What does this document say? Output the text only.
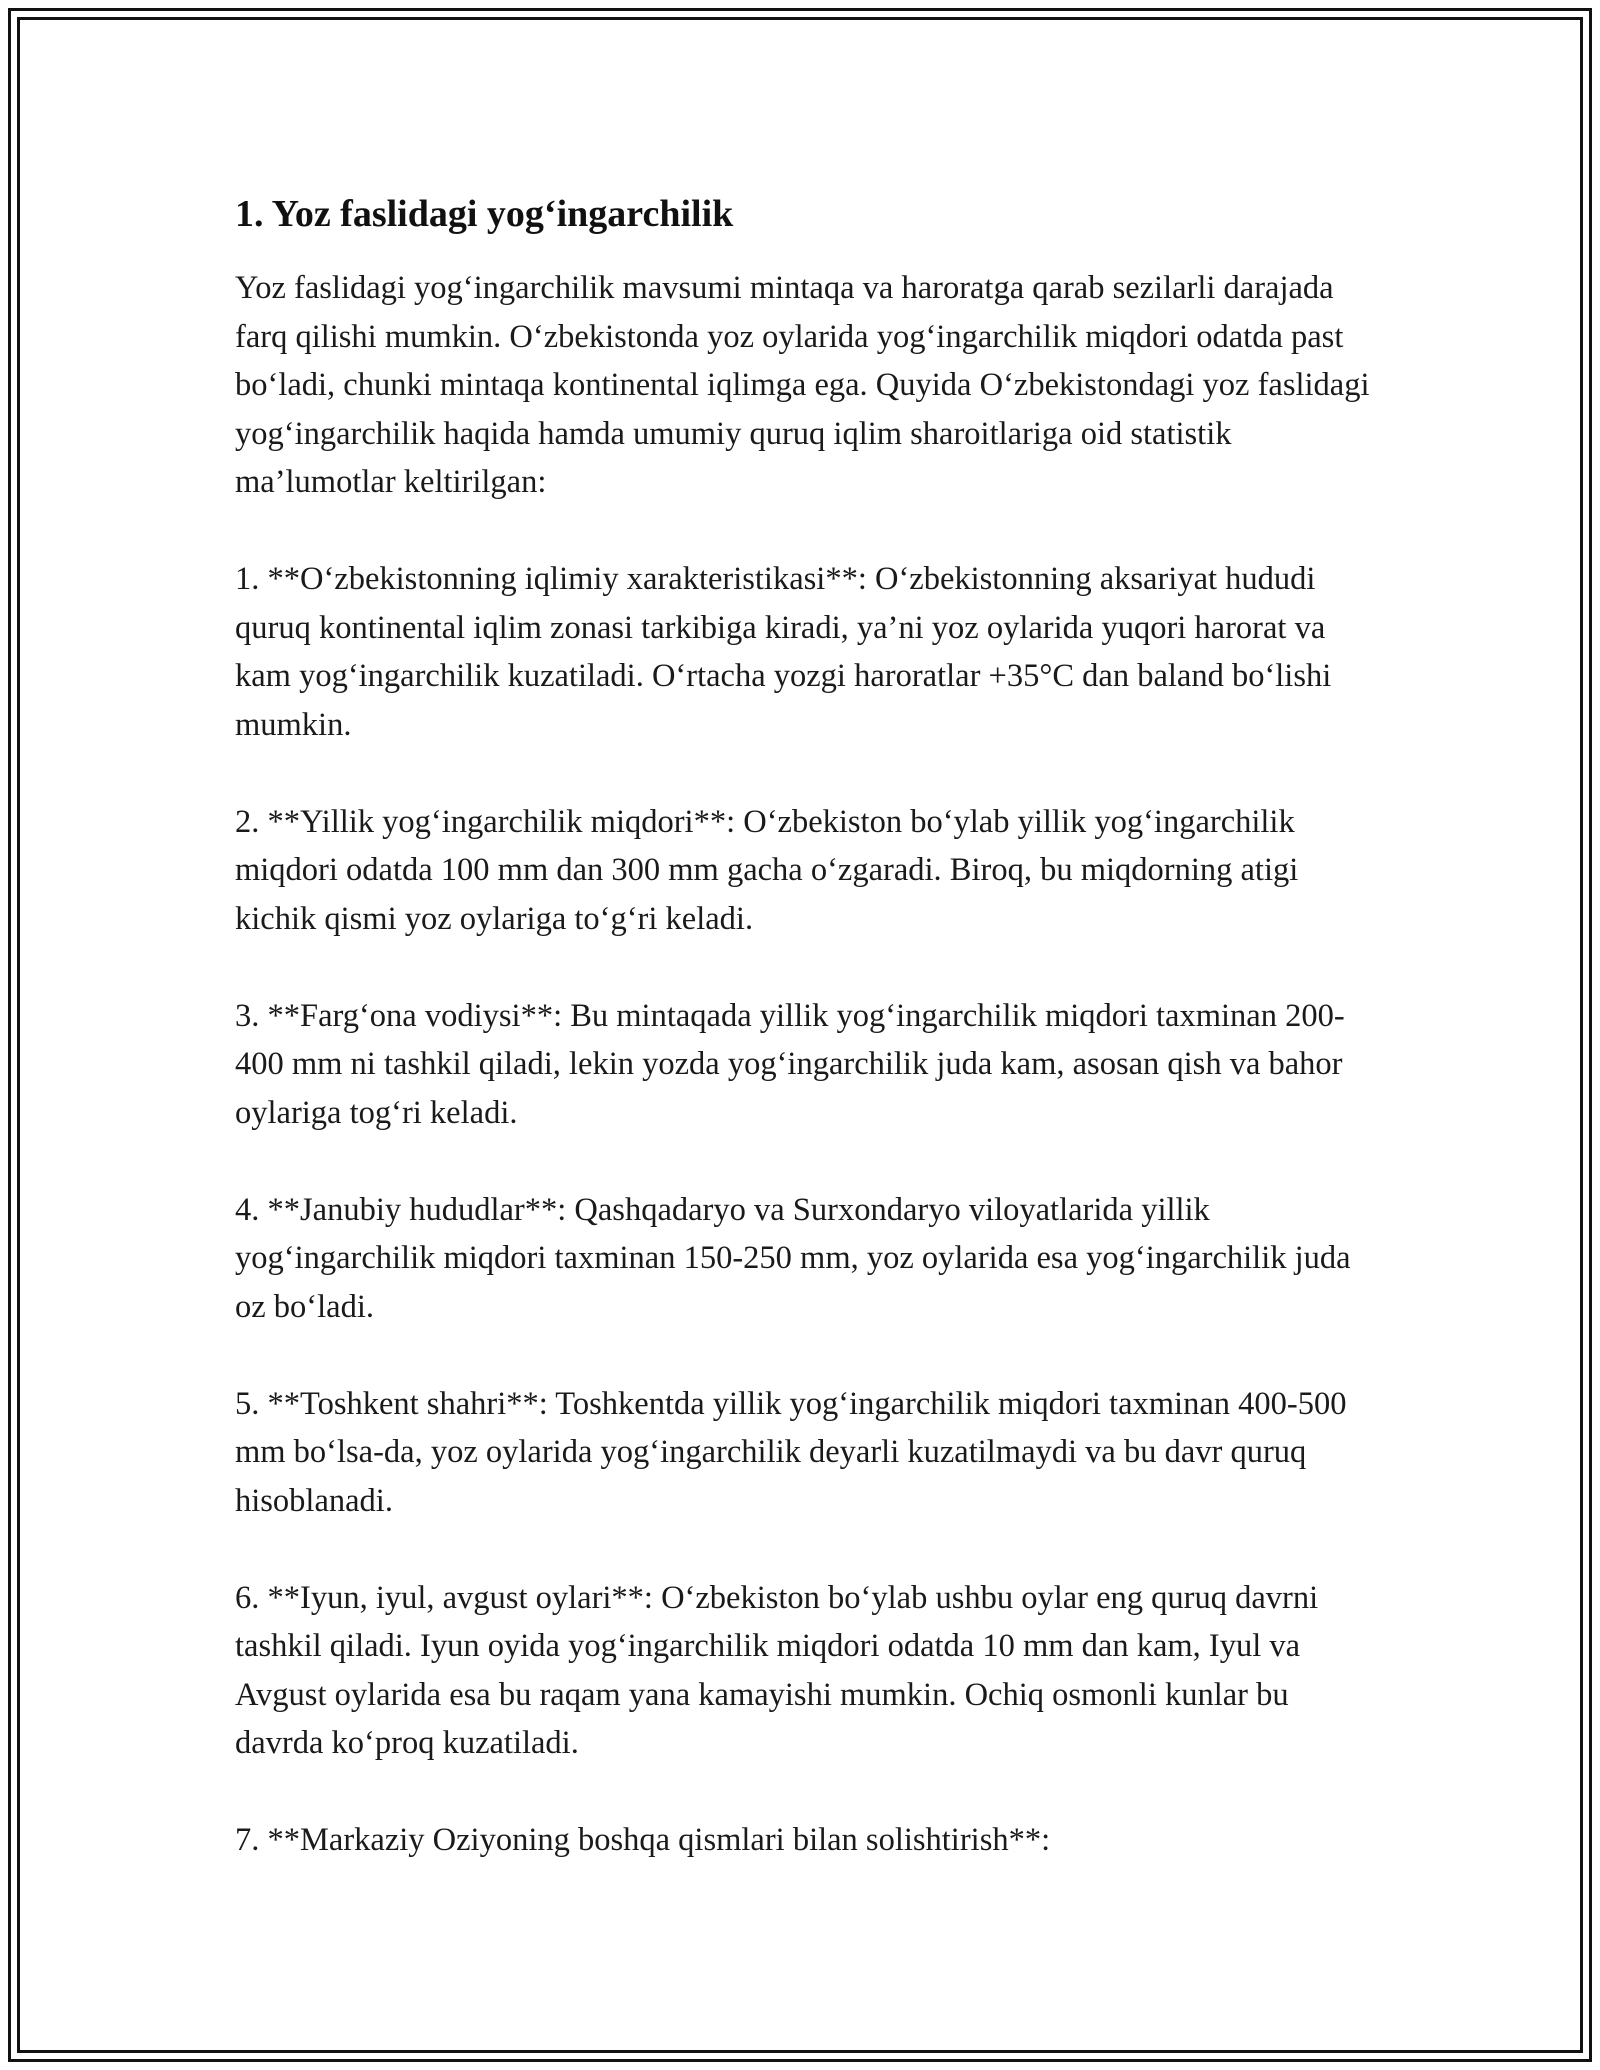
1. Yoz faslidagi yog‘ingarchilik

Yoz faslidagi yog‘ingarchilik mavsumi mintaqa va haroratga qarab sezilarli darajada farq qilishi mumkin. O‘zbekistonda yoz oylarida yog‘ingarchilik miqdori odatda past bo‘ladi, chunki mintaqa kontinental iqlimga ega. Quyida O‘zbekistondagi yoz faslidagi yog‘ingarchilik haqida hamda umumiy quruq iqlim sharoitlariga oid statistik ma’lumotlar keltirilgan:

1. **O‘zbekistonning iqlimiy xarakteristikasi**: O‘zbekistonning aksariyat hududi quruq kontinental iqlim zonasi tarkibiga kiradi, ya’ni yoz oylarida yuqori harorat va kam yog‘ingarchilik kuzatiladi. O‘rtacha yozgi haroratlar +35°C dan baland bo‘lishi mumkin.

2. **Yillik yog‘ingarchilik miqdori**: O‘zbekiston bo‘ylab yillik yog‘ingarchilik miqdori odatda 100 mm dan 300 mm gacha o‘zgaradi. Biroq, bu miqdorning atigi kichik qismi yoz oylariga to‘g‘ri keladi.

3. **Farg‘ona vodiysi**: Bu mintaqada yillik yog‘ingarchilik miqdori taxminan 200-400 mm ni tashkil qiladi, lekin yozda yog‘ingarchilik juda kam, asosan qish va bahor oylariga tog‘ri keladi.

4. **Janubiy hududlar**: Qashqadaryo va Surxondaryo viloyatlarida yillik yog‘ingarchilik miqdori taxminan 150-250 mm, yoz oylarida esa yog‘ingarchilik juda oz bo‘ladi.

5. **Toshkent shahri**: Toshkentda yillik yog‘ingarchilik miqdori taxminan 400-500 mm bo‘lsa-da, yoz oylarida yog‘ingarchilik deyarli kuzatilmaydi va bu davr quruq hisoblanadi.

6. **Iyun, iyul, avgust oylari**: O‘zbekiston bo‘ylab ushbu oylar eng quruq davrni tashkil qiladi. Iyun oyida yog‘ingarchilik miqdori odatda 10 mm dan kam, Iyul va Avgust oylarida esa bu raqam yana kamayishi mumkin. Ochiq osmonli kunlar bu davrda ko‘proq kuzatiladi.

7. **Markaziy Oziyoning boshqa qismlari bilan solishtirish**:
